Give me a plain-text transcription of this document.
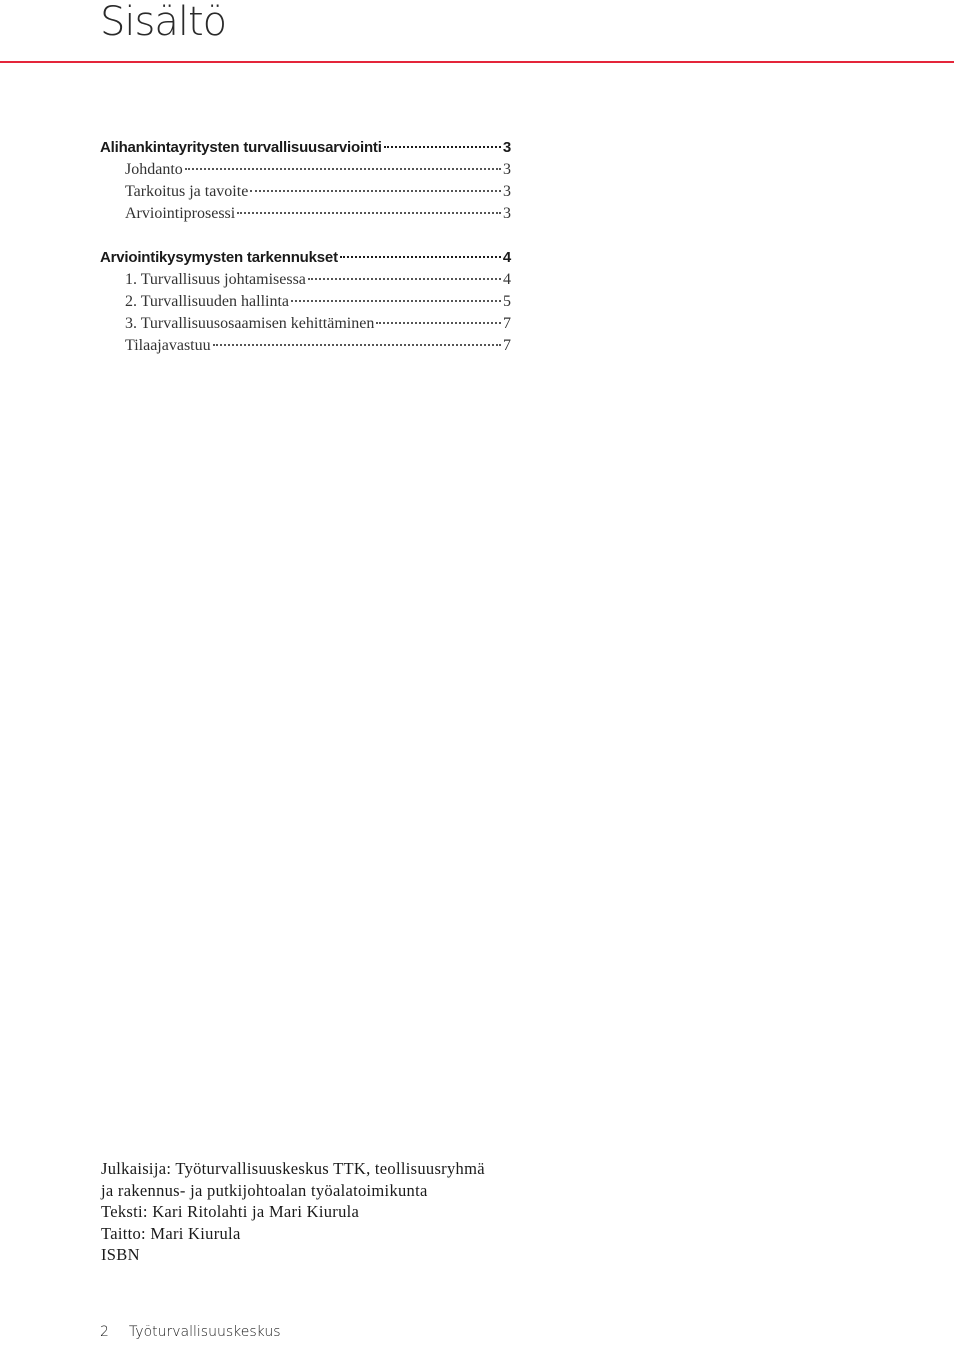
Sisältö
Alihankintayritysten turvallisuusarviointi	3
Johdanto	3
Tarkoitus ja tavoite	3
Arviointiprosessi	3
Arviointikysymysten tarkennukset	4
1. Turvallisuus johtamisessa	4
2. Turvallisuuden hallinta	5
3. Turvallisuusosaamisen kehittäminen	7
Tilaajavastuu	7
Julkaisija: Työturvallisuuskeskus TTK, teollisuusryhmä
ja rakennus- ja putkijohtoalan työalatoimikunta
Teksti: Kari Ritolahti ja Mari Kiurula
Taitto: Mari Kiurula
ISBN
2 Työturvallisuuskeskus
